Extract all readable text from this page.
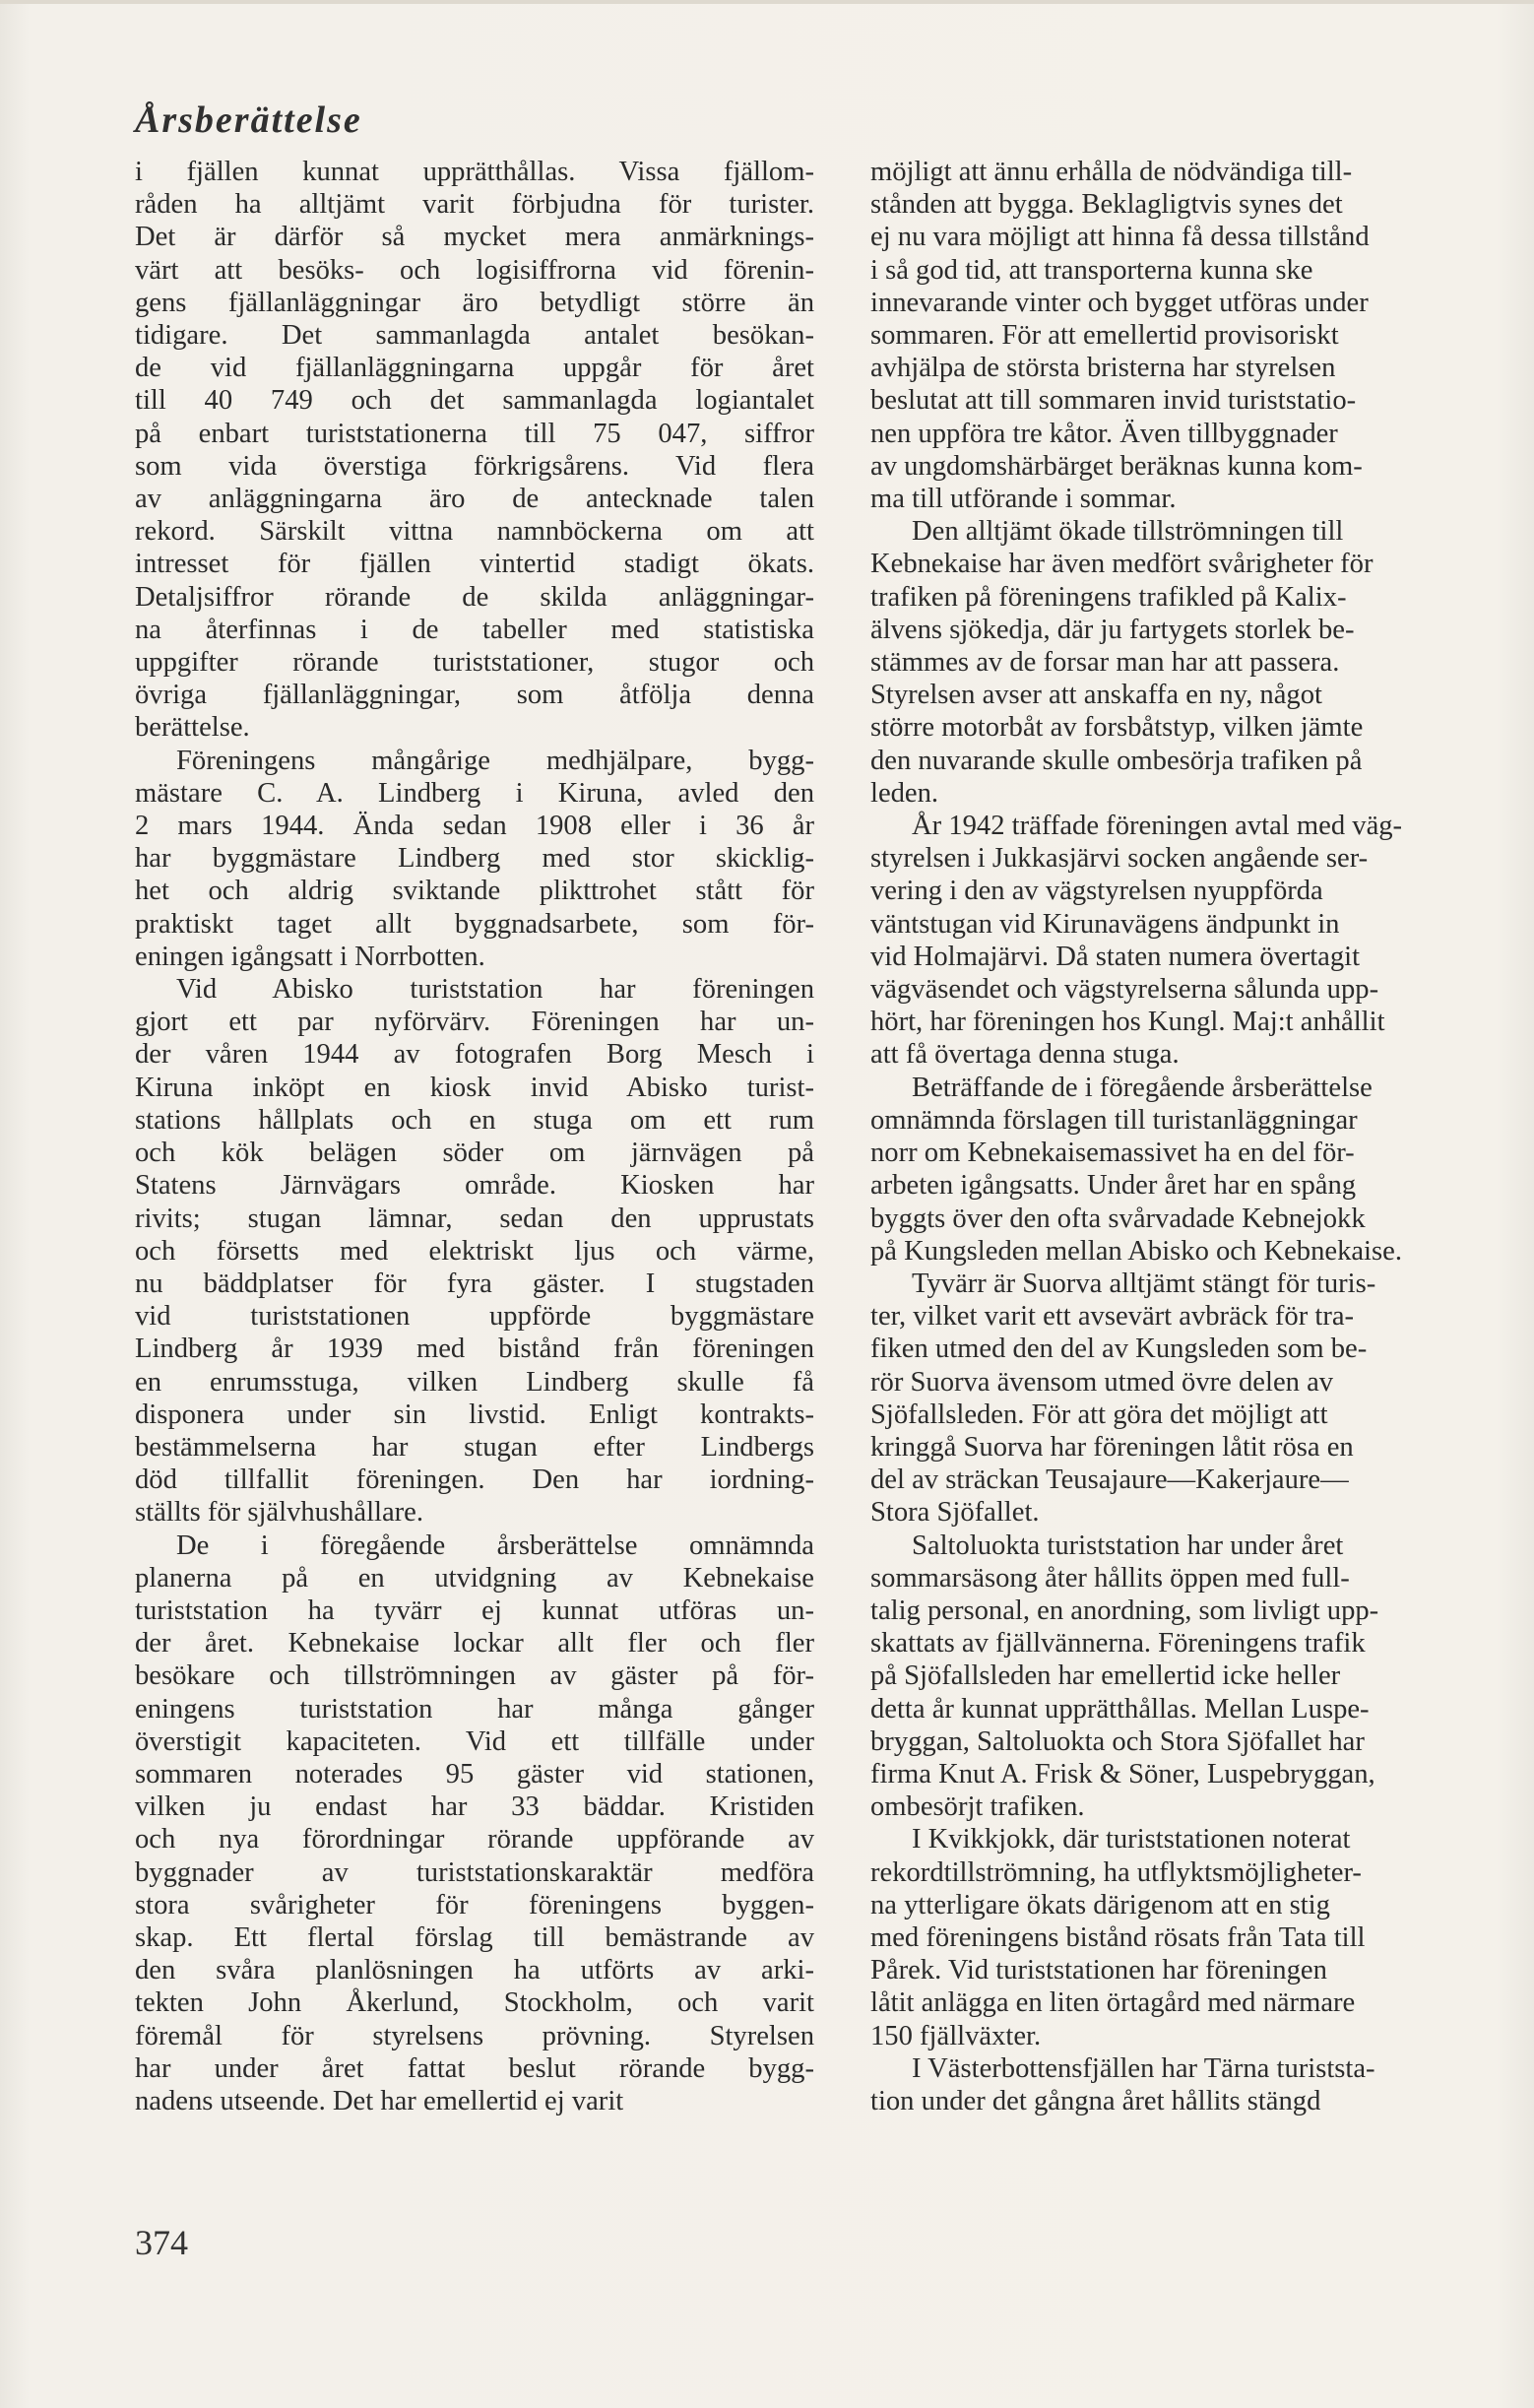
Årsberättelse
i fjällen kunnat upprätthållas. Vissa fjällom-
råden ha alltjämt varit förbjudna för turister.
Det är därför så mycket mera anmärknings-
värt att besöks- och logisiffrorna vid förenin-
gens fjällanläggningar äro betydligt större än
tidigare. Det sammanlagda antalet besökan-
de vid fjällanläggningarna uppgår för året
till 40 749 och det sammanlagda logiantalet
på enbart turiststationerna till 75 047, siffror
som vida överstiga förkrigsårens. Vid flera
av anläggningarna äro de antecknade talen
rekord. Särskilt vittna namnböckerna om att
intresset för fjällen vintertid stadigt ökats.
Detaljsiffror rörande de skilda anläggningar-
na återfinnas i de tabeller med statistiska
uppgifter rörande turiststationer, stugor och
övriga fjällanläggningar, som åtfölja denna
berättelse.
Föreningens mångårige medhjälpare, bygg-
mästare C. A. Lindberg i Kiruna, avled den
2 mars 1944. Ända sedan 1908 eller i 36 år
har byggmästare Lindberg med stor skicklig-
het och aldrig sviktande plikttrohet stått för
praktiskt taget allt byggnadsarbete, som för-
eningen igångsatt i Norrbotten.
Vid Abisko turiststation har föreningen
gjort ett par nyförvärv. Föreningen har un-
der våren 1944 av fotografen Borg Mesch i
Kiruna inköpt en kiosk invid Abisko turist-
stations hållplats och en stuga om ett rum
och kök belägen söder om järnvägen på
Statens Järnvägars område. Kiosken har
rivits; stugan lämnar, sedan den upprustats
och försetts med elektriskt ljus och värme,
nu bäddplatser för fyra gäster. I stugstaden
vid turiststationen uppförde byggmästare
Lindberg år 1939 med bistånd från föreningen
en enrumsstuga, vilken Lindberg skulle få
disponera under sin livstid. Enligt kontrakts-
bestämmelserna har stugan efter Lindbergs
död tillfallit föreningen. Den har iordning-
ställts för självhushållare.
De i föregående årsberättelse omnämnda
planerna på en utvidgning av Kebnekaise
turiststation ha tyvärr ej kunnat utföras un-
der året. Kebnekaise lockar allt fler och fler
besökare och tillströmningen av gäster på för-
eningens turiststation har många gånger
överstigit kapaciteten. Vid ett tillfälle under
sommaren noterades 95 gäster vid stationen,
vilken ju endast har 33 bäddar. Kristiden
och nya förordningar rörande uppförande av
byggnader av turiststationskaraktär medföra
stora svårigheter för föreningens byggen-
skap. Ett flertal förslag till bemästrande av
den svåra planlösningen ha utförts av arki-
tekten John Åkerlund, Stockholm, och varit
föremål för styrelsens prövning. Styrelsen
har under året fattat beslut rörande bygg-
nadens utseende. Det har emellertid ej varit
möjligt att ännu erhålla de nödvändiga till-
stånden att bygga. Beklagligtvis synes det
ej nu vara möjligt att hinna få dessa tillstånd
i så god tid, att transporterna kunna ske
innevarande vinter och bygget utföras under
sommaren. För att emellertid provisoriskt
avhjälpa de största bristerna har styrelsen
beslutat att till sommaren invid turiststatio-
nen uppföra tre kåtor. Även tillbyggnader
av ungdomshärbärget beräknas kunna kom-
ma till utförande i sommar.
Den alltjämt ökade tillströmningen till
Kebnekaise har även medfört svårigheter för
trafiken på föreningens trafikled på Kalix-
älvens sjökedja, där ju fartygets storlek be-
stämmes av de forsar man har att passera.
Styrelsen avser att anskaffa en ny, något
större motorbåt av forsbåtstyp, vilken jämte
den nuvarande skulle ombesörja trafiken på
leden.
År 1942 träffade föreningen avtal med väg-
styrelsen i Jukkasjärvi socken angående ser-
vering i den av vägstyrelsen nyuppförda
väntstugan vid Kirunavägens ändpunkt in
vid Holmajärvi. Då staten numera övertagit
vägväsendet och vägstyrelserna sålunda upp-
hört, har föreningen hos Kungl. Maj:t anhållit
att få övertaga denna stuga.
Beträffande de i föregående årsberättelse
omnämnda förslagen till turistanläggningar
norr om Kebnekaisemassivet ha en del för-
arbeten igångsatts. Under året har en spång
byggts över den ofta svårvadade Kebnejokk
på Kungsleden mellan Abisko och Kebnekaise.
Tyvärr är Suorva alltjämt stängt för turis-
ter, vilket varit ett avsevärt avbräck för tra-
fiken utmed den del av Kungsleden som be-
rör Suorva ävensom utmed övre delen av
Sjöfallsleden. För att göra det möjligt att
kringgå Suorva har föreningen låtit rösa en
del av sträckan Teusajaure—Kakerjaure—
Stora Sjöfallet.
Saltoluokta turiststation har under året
sommarsäsong åter hållits öppen med full-
talig personal, en anordning, som livligt upp-
skattats av fjällvännerna. Föreningens trafik
på Sjöfallsleden har emellertid icke heller
detta år kunnat upprätthållas. Mellan Luspe-
bryggan, Saltoluokta och Stora Sjöfallet har
firma Knut A. Frisk & Söner, Luspebryggan,
ombesörjt trafiken.
I Kvikkjokk, där turiststationen noterat
rekordtillströmning, ha utflyktsmöjligheter-
na ytterligare ökats därigenom att en stig
med föreningens bistånd rösats från Tata till
Pårek. Vid turiststationen har föreningen
låtit anlägga en liten örtagård med närmare
150 fjällväxter.
I Västerbottensfjällen har Tärna turiststa-
tion under det gångna året hållits stängd
374
